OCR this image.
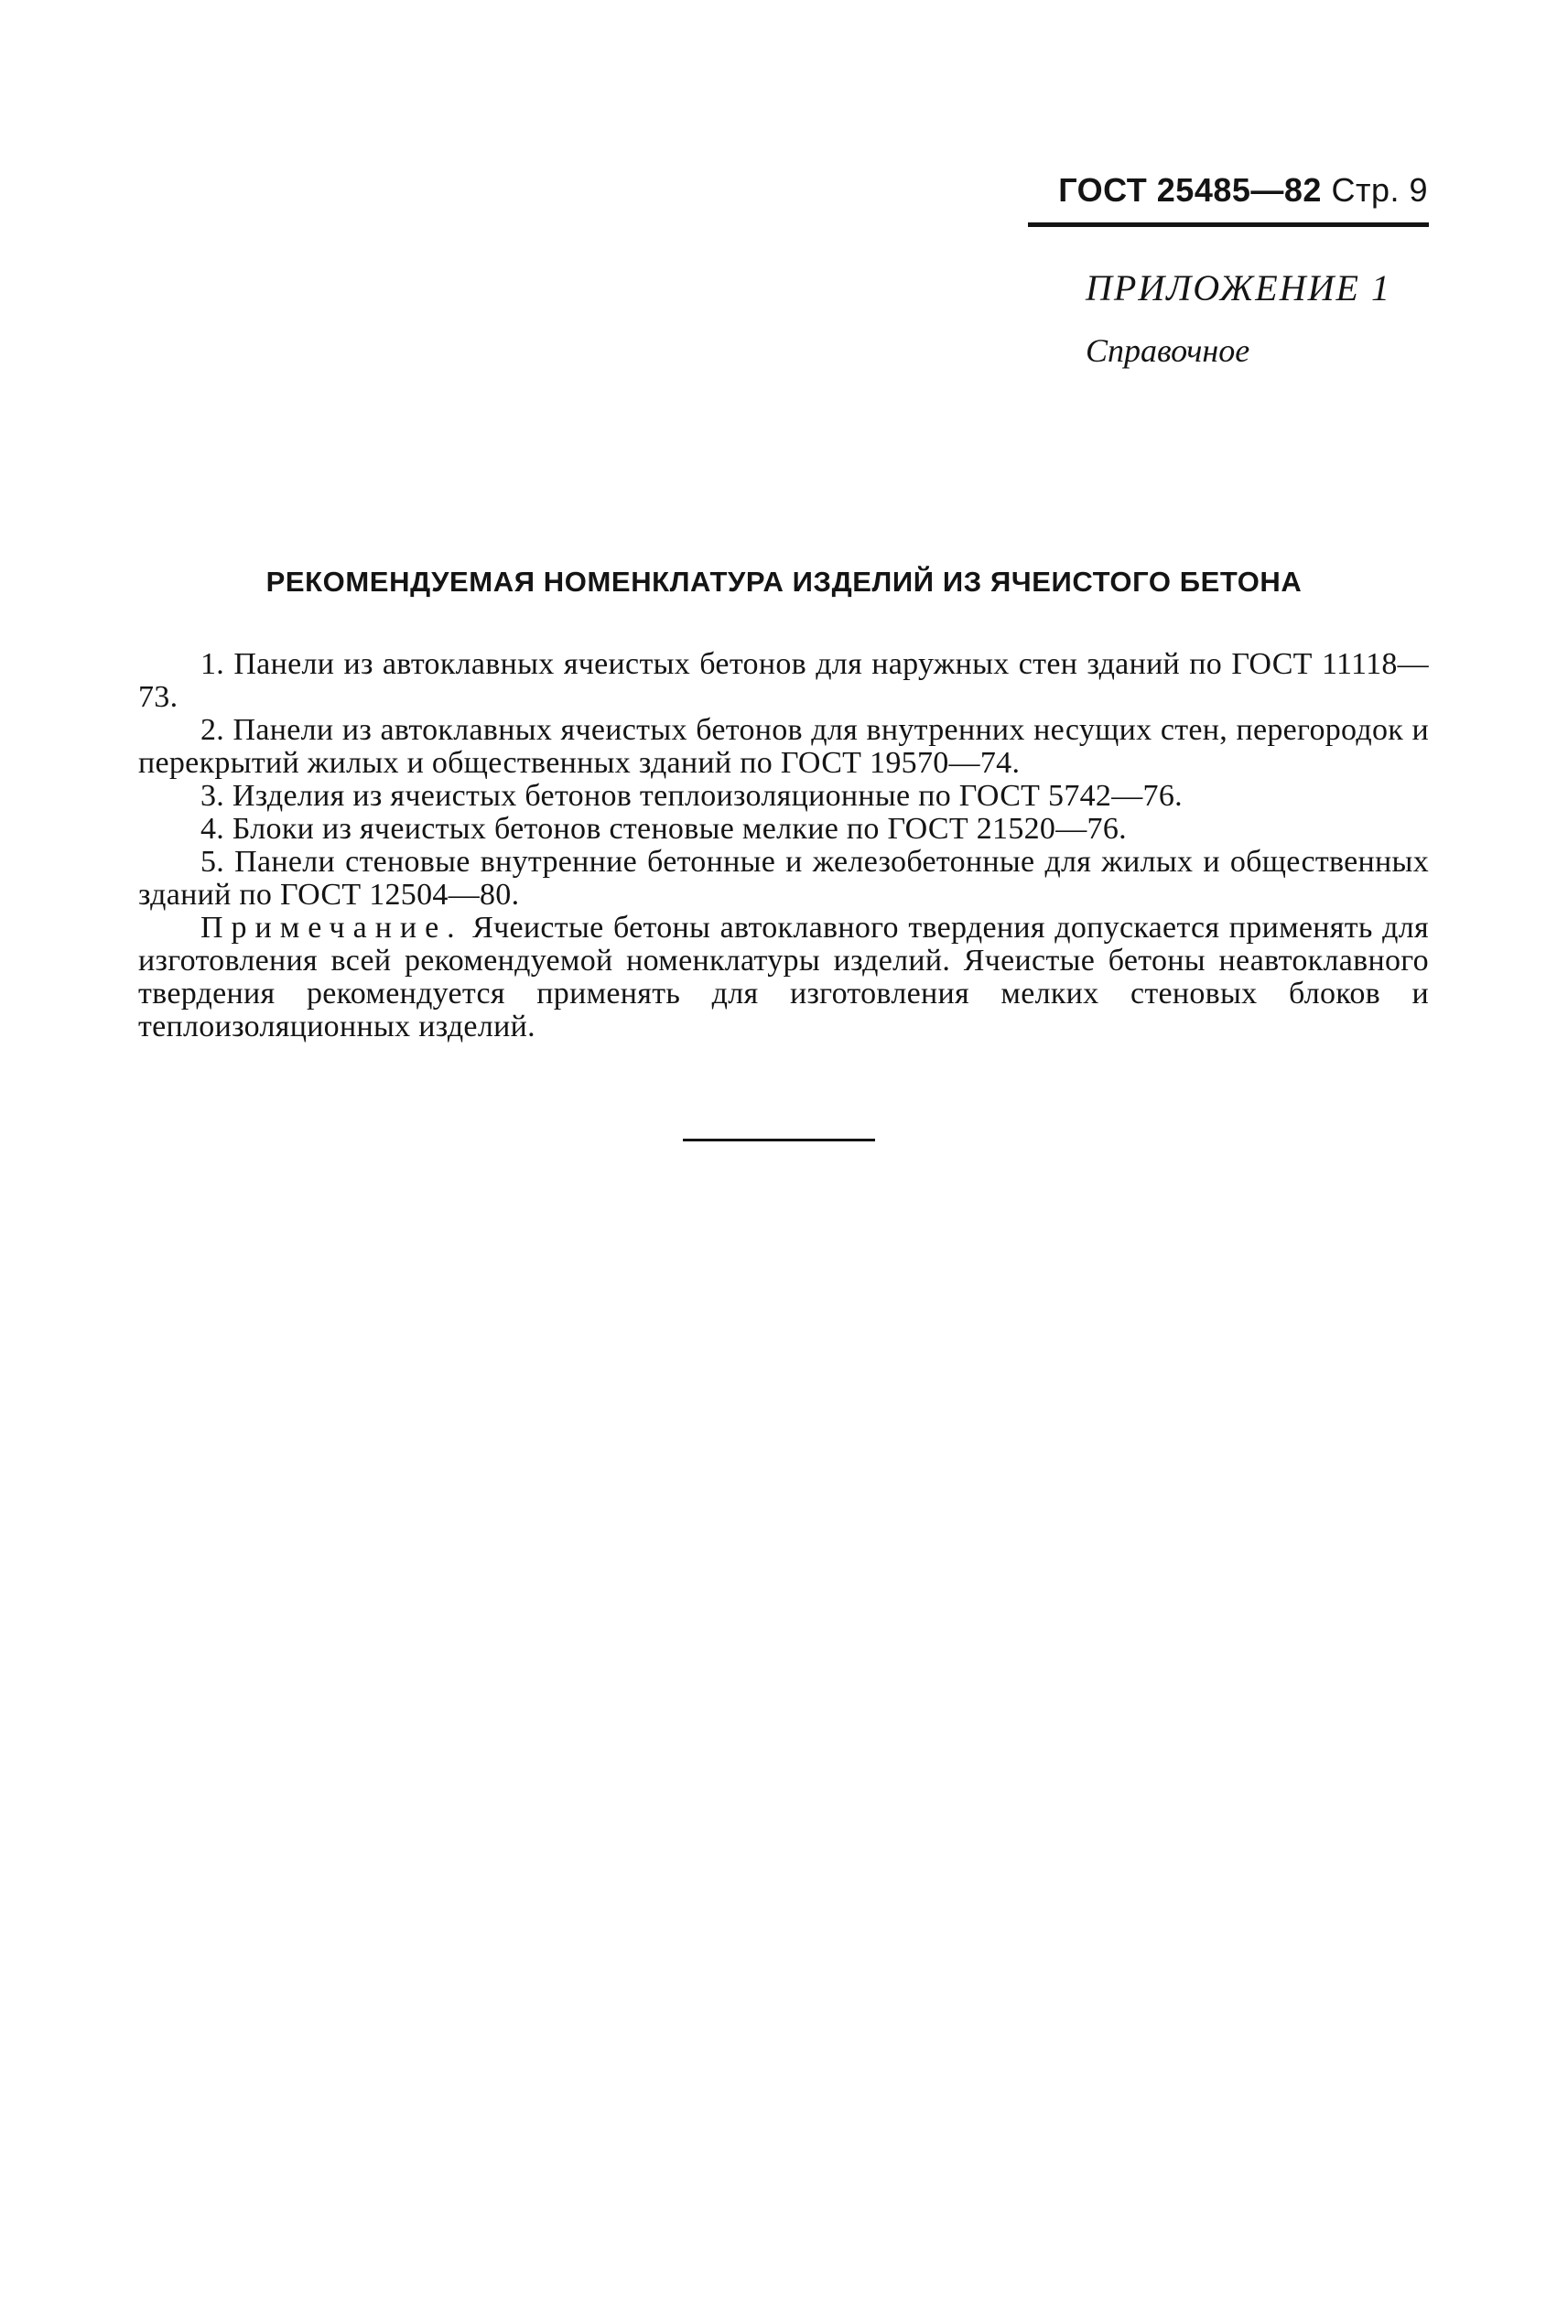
ГОСТ 25485—82 Стр. 9
ПРИЛОЖЕНИЕ 1
Справочное
РЕКОМЕНДУЕМАЯ НОМЕНКЛАТУРА ИЗДЕЛИЙ ИЗ ЯЧЕИСТОГО БЕТОНА

1. Панели из автоклавных ячеистых бетонов для наружных стен зданий по ГОСТ 11118—73.

2. Панели из автоклавных ячеистых бетонов для внутренних несущих стен, перегородок и перекрытий жилых и общественных зданий по ГОСТ 19570—74.

3. Изделия из ячеистых бетонов теплоизоляционные по ГОСТ 5742—76.

4. Блоки из ячеистых бетонов стеновые мелкие по ГОСТ 21520—76.

5. Панели стеновые внутренние бетонные и железобетонные для жилых и общественных зданий по ГОСТ 12504—80.

Примечание. Ячеистые бетоны автоклавного твердения допускается применять для изготовления всей рекомендуемой номенклатуры изделий. Ячеистые бетоны неавтоклавного твердения рекомендуется применять для изготовления мелких стеновых блоков и теплоизоляционных изделий.
